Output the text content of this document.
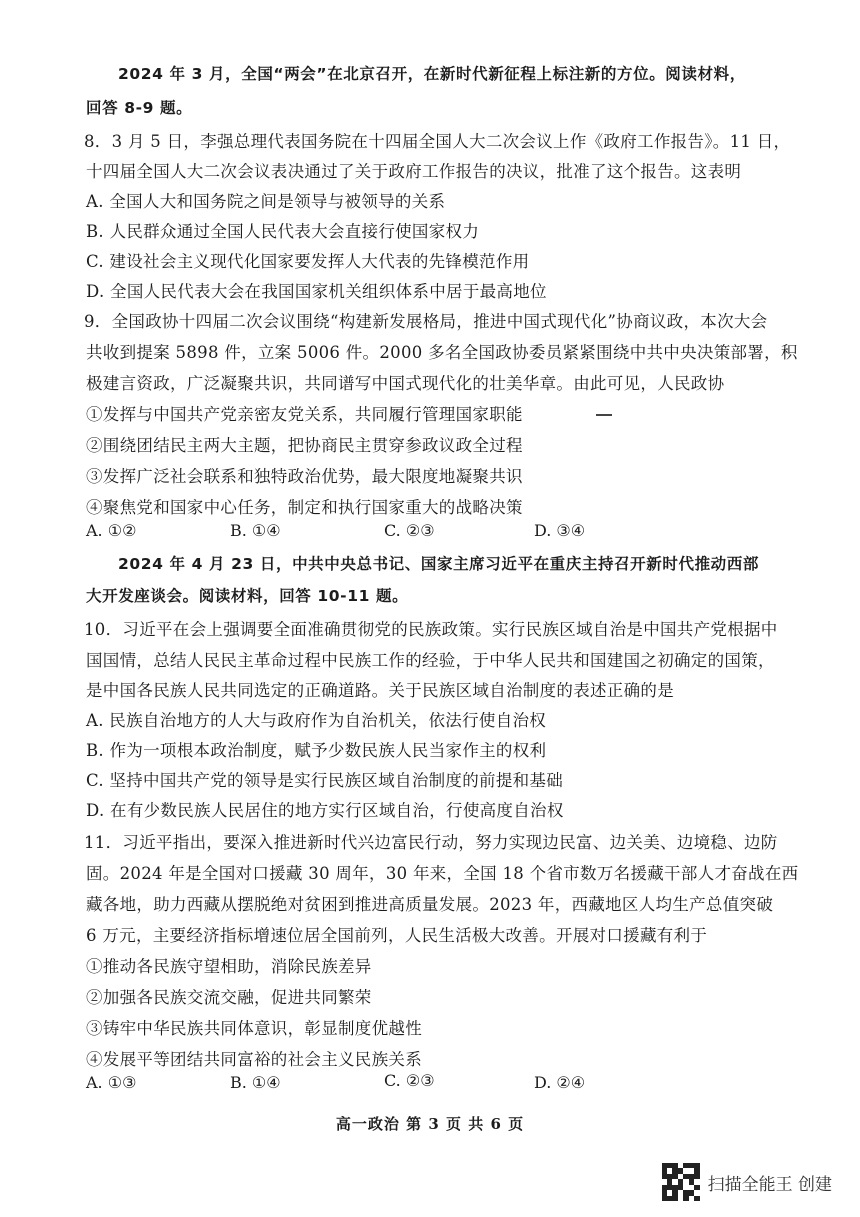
2024 年 3 月，全国“两会”在北京召开，在新时代新征程上标注新的方位。阅读材料，
回答 8-9 题。
8．3 月 5 日，李强总理代表国务院在十四届全国人大二次会议上作《政府工作报告》。11 日，
十四届全国人大二次会议表决通过了关于政府工作报告的决议，批准了这个报告。这表明
A. 全国人大和国务院之间是领导与被领导的关系
B. 人民群众通过全国人民代表大会直接行使国家权力
C. 建设社会主义现代化国家要发挥人大代表的先锋模范作用
D. 全国人民代表大会在我国国家机关组织体系中居于最高地位
9．全国政协十四届二次会议围绕“构建新发展格局，推进中国式现代化”协商议政，本次大会
共收到提案 5898 件，立案 5006 件。2000 多名全国政协委员紧紧围绕中共中央决策部署，积
极建言资政，广泛凝聚共识，共同谱写中国式现代化的壮美华章。由此可见，人民政协
①发挥与中国共产党亲密友党关系，共同履行管理国家职能
②围绕团结民主两大主题，把协商民主贯穿参政议政全过程
③发挥广泛社会联系和独特政治优势，最大限度地凝聚共识
④聚焦党和国家中心任务，制定和执行国家重大的战略决策
A. ①②	B. ①④	C. ②③	D. ③④
2024 年 4 月 23 日，中共中央总书记、国家主席习近平在重庆主持召开新时代推动西部
大开发座谈会。阅读材料，回答 10-11 题。
10．习近平在会上强调要全面准确贯彻党的民族政策。实行民族区域自治是中国共产党根据中
国国情，总结人民民主革命过程中民族工作的经验，于中华人民共和国建国之初确定的国策，
是中国各民族人民共同选定的正确道路。关于民族区域自治制度的表述正确的是
A. 民族自治地方的人大与政府作为自治机关，依法行使自治权
B. 作为一项根本政治制度，赋予少数民族人民当家作主的权利
C. 坚持中国共产党的领导是实行民族区域自治制度的前提和基础
D. 在有少数民族人民居住的地方实行区域自治，行使高度自治权
11．习近平指出，要深入推进新时代兴边富民行动，努力实现边民富、边关美、边境稳、边防
固。2024 年是全国对口援藏 30 周年，30 年来，全国 18 个省市数万名援藏干部人才奋战在西
藏各地，助力西藏从摆脱绝对贫困到推进高质量发展。2023 年，西藏地区人均生产总值突破
6 万元，主要经济指标增速位居全国前列，人民生活极大改善。开展对口援藏有利于
①推动各民族守望相助，消除民族差异
②加强各民族交流交融，促进共同繁荣
③铸牢中华民族共同体意识，彰显制度优越性
④发展平等团结共同富裕的社会主义民族关系
A. ①③	B. ①④	C. ②③	D. ②④
高一政治 第 3 页 共 6 页
扫描全能王 创建
